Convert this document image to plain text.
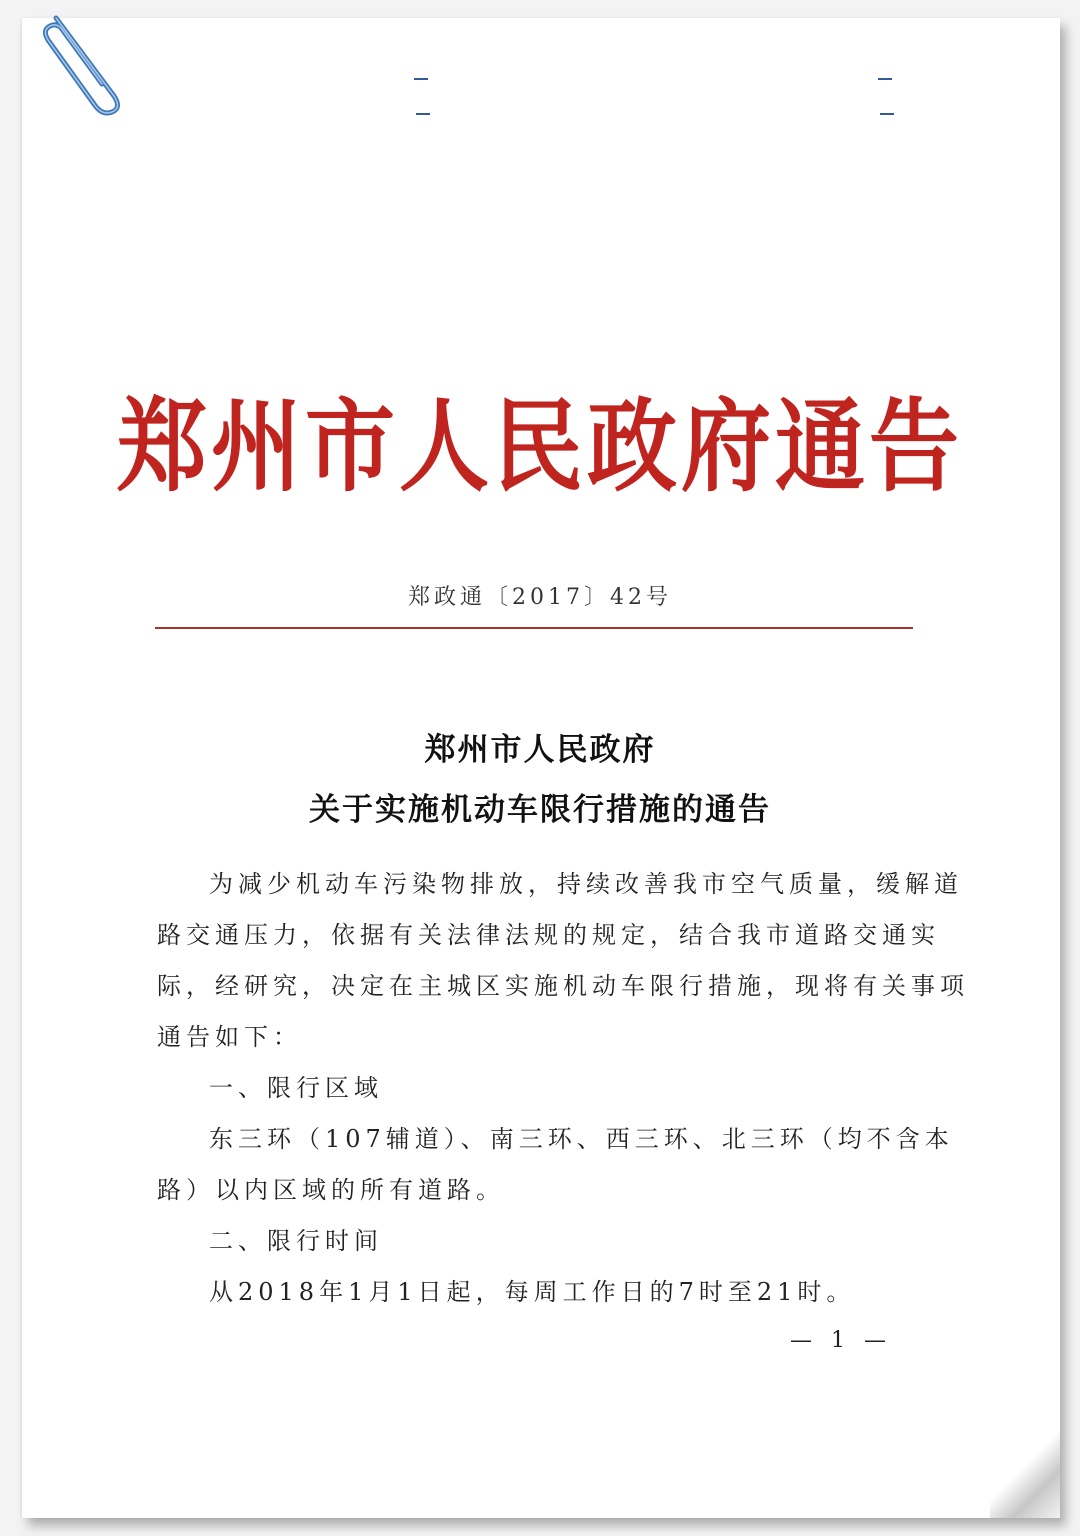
郑州市人民政府通告
郑政通〔2017〕42号
郑州市人民政府
关于实施机动车限行措施的通告
为减少机动车污染物排放，持续改善我市空气质量，缓解道
路交通压力，依据有关法律法规的规定，结合我市道路交通实
际，经研究，决定在主城区实施机动车限行措施，现将有关事项
通告如下：
一、限行区域
东三环（107辅道）、南三环、西三环、北三环（均不含本
路）以内区域的所有道路。
二、限行时间
从2018年1月1日起，每周工作日的7时至21时。
— 1 —
